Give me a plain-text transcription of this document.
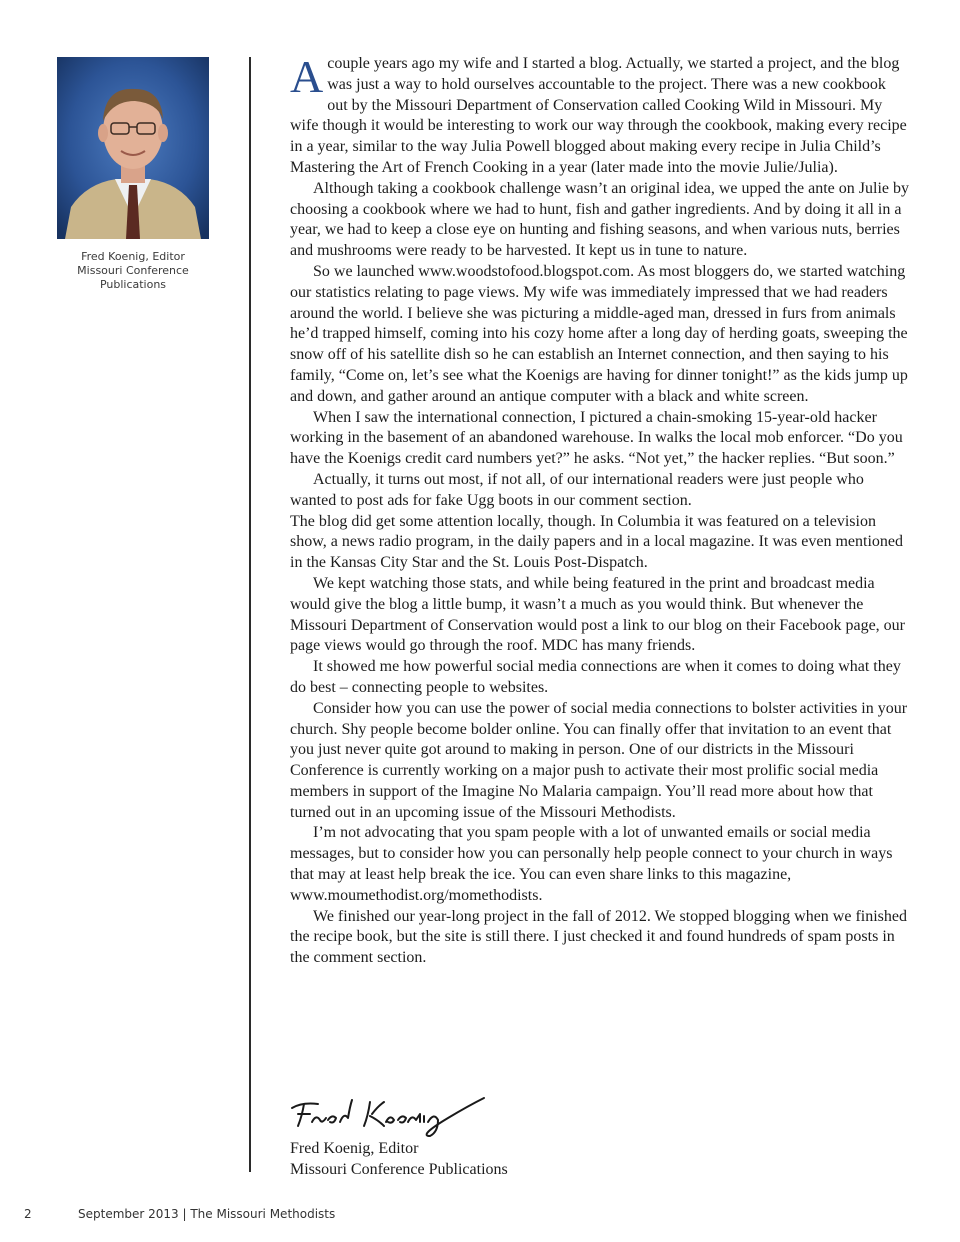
Fred Koenig, Editor
Missouri Conference
Publications

A couple years ago my wife and I started a blog. Actually, we started a project, and the blog was just a way to hold ourselves accountable to the project. There was a new cookbook out by the Missouri Department of Conservation called Cooking Wild in Missouri. My wife though it would be interesting to work our way through the cookbook, making every recipe in a year, similar to the way Julia Powell blogged about making every recipe in Julia Child’s Mastering the Art of French Cooking in a year (later made into the movie Julie/Julia).

Although taking a cookbook challenge wasn’t an original idea, we upped the ante on Julie by choosing a cookbook where we had to hunt, fish and gather ingredients. And by doing it all in a year, we had to keep a close eye on hunting and fishing seasons, and when various nuts, berries and mushrooms were ready to be harvested. It kept us in tune to nature.

So we launched www.woodstofood.blogspot.com. As most bloggers do, we started watching our statistics relating to page views. My wife was immediately impressed that we had readers around the world. I believe she was picturing a middle-aged man, dressed in furs from animals he’d trapped himself, coming into his cozy home after a long day of herding goats, sweeping the snow off of his satellite dish so he can establish an Internet connection, and then saying to his family, “Come on, let’s see what the Koenigs are having for dinner tonight!” as the kids jump up and down, and gather around an antique computer with a black and white screen.

When I saw the international connection, I pictured a chain-smoking 15-year-old hacker working in the basement of an abandoned warehouse. In walks the local mob enforcer. “Do you have the Koenigs credit card numbers yet?” he asks. “Not yet,” the hacker replies. “But soon.”

Actually, it turns out most, if not all, of our international readers were just people who wanted to post ads for fake Ugg boots in our comment section.

The blog did get some attention locally, though. In Columbia it was featured on a television show, a news radio program, in the daily papers and in a local magazine. It was even mentioned in the Kansas City Star and the St. Louis Post-Dispatch.

We kept watching those stats, and while being featured in the print and broadcast media would give the blog a little bump, it wasn’t a much as you would think. But whenever the Missouri Department of Conservation would post a link to our blog on their Facebook page, our page views would go through the roof. MDC has many friends.

It showed me how powerful social media connections are when it comes to doing what they do best – connecting people to websites.

Consider how you can use the power of social media connections to bolster activities in your church. Shy people become bolder online. You can finally offer that invitation to an event that you just never quite got around to making in person. One of our districts in the Missouri Conference is currently working on a major push to activate their most prolific social media members in support of the Imagine No Malaria campaign. You’ll read more about how that turned out in an upcoming issue of the Missouri Methodists.

I’m not advocating that you spam people with a lot of unwanted emails or social media messages, but to consider how you can personally help people connect to your church in ways that may at least help break the ice. You can even share links to this magazine, www.moumethodist.org/momethodists.

We finished our year-long project in the fall of 2012. We stopped blogging when we finished the recipe book, but the site is still there. I just checked it and found hundreds of spam posts in the comment section.

Fred Koenig, Editor
Missouri Conference Publications
2	September 2013 | The Missouri Methodists
